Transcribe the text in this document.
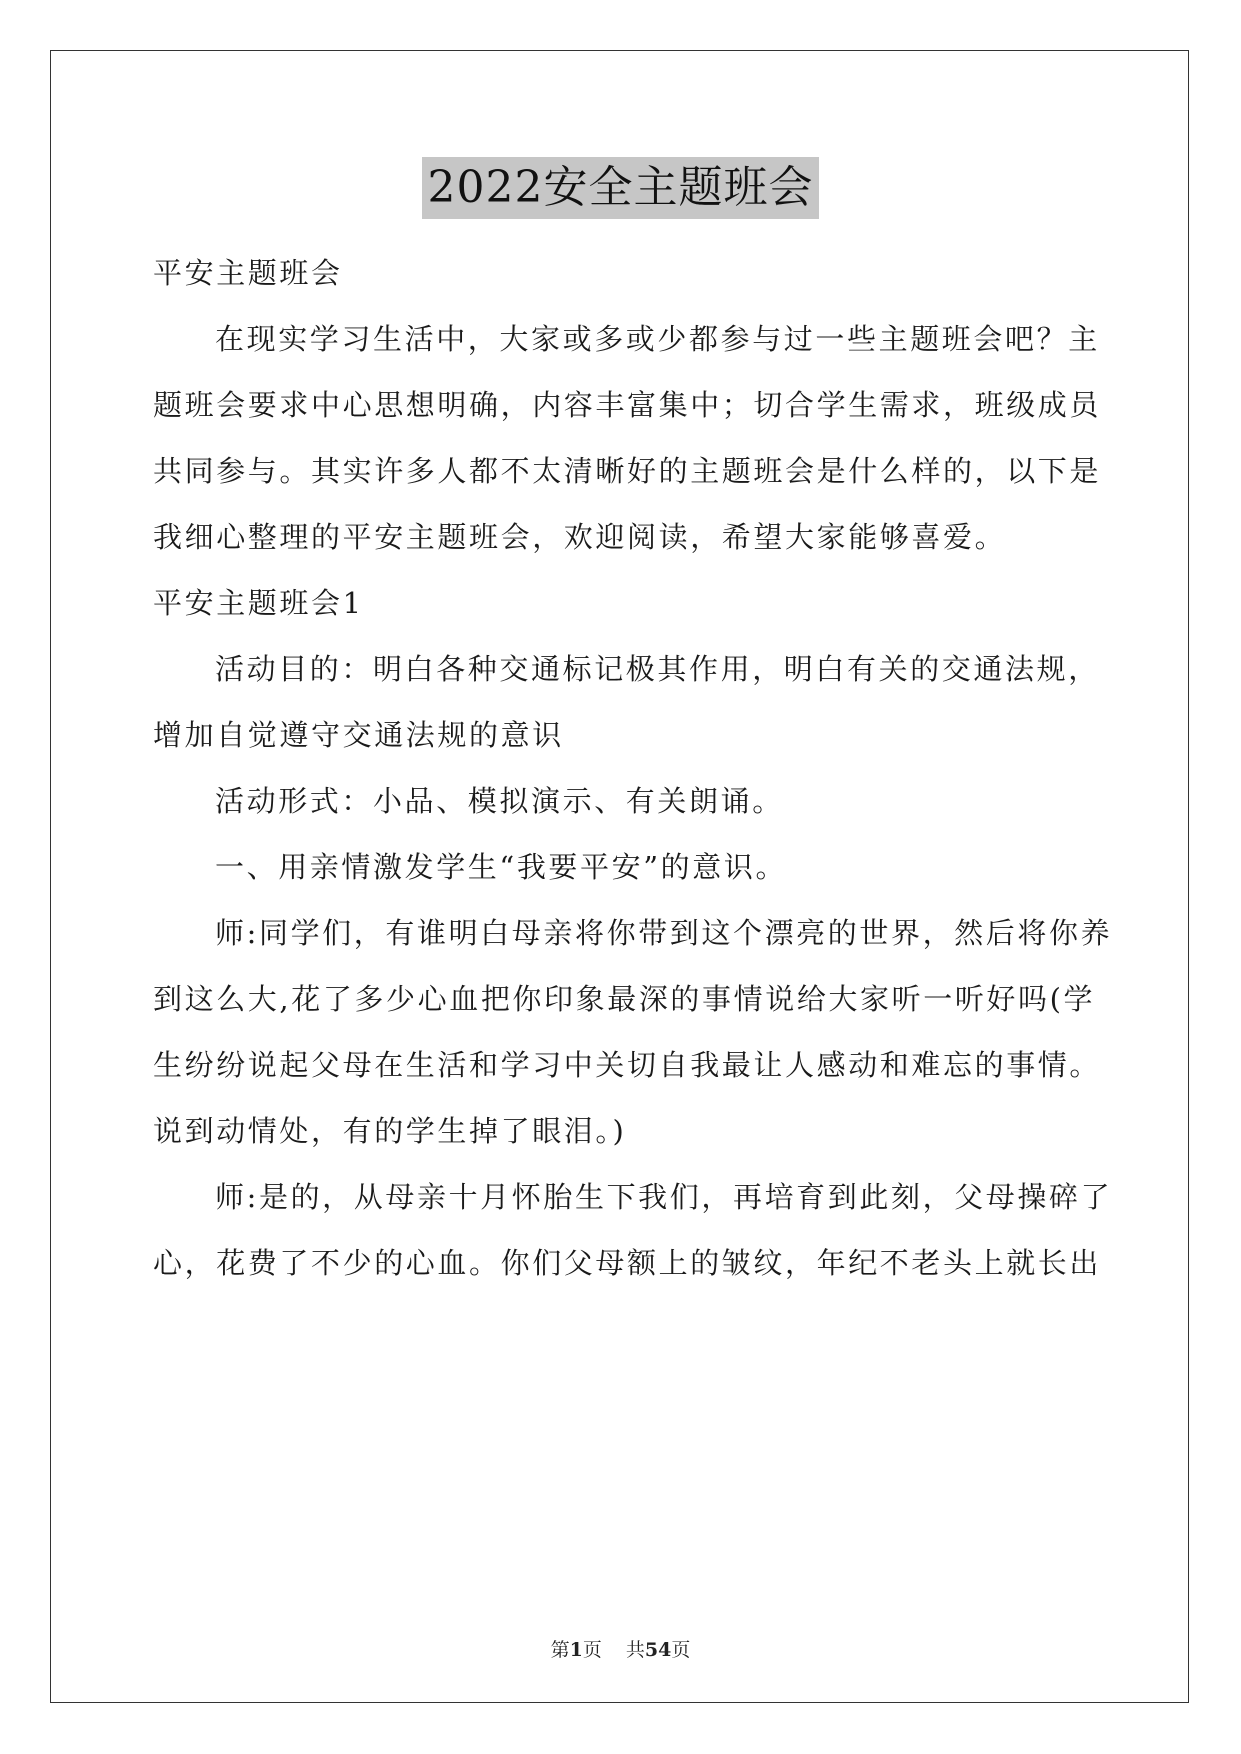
2022安全主题班会
平安主题班会
在现实学习生活中，大家或多或少都参与过一些主题班会吧？主
题班会要求中心思想明确，内容丰富集中；切合学生需求，班级成员
共同参与。其实许多人都不太清晰好的主题班会是什么样的，以下是
我细心整理的平安主题班会，欢迎阅读，希望大家能够喜爱。
平安主题班会1
活动目的：明白各种交通标记极其作用，明白有关的交通法规，
增加自觉遵守交通法规的意识
活动形式：小品、模拟演示、有关朗诵。
一、用亲情激发学生“我要平安”的意识。
师:同学们，有谁明白母亲将你带到这个漂亮的世界，然后将你养
到这么大,花了多少心血把你印象最深的事情说给大家听一听好吗(学
生纷纷说起父母在生活和学习中关切自我最让人感动和难忘的事情。
说到动情处，有的学生掉了眼泪。)
师:是的，从母亲十月怀胎生下我们，再培育到此刻，父母操碎了
心，花费了不少的心血。你们父母额上的皱纹，年纪不老头上就长出
第1页 共54页
